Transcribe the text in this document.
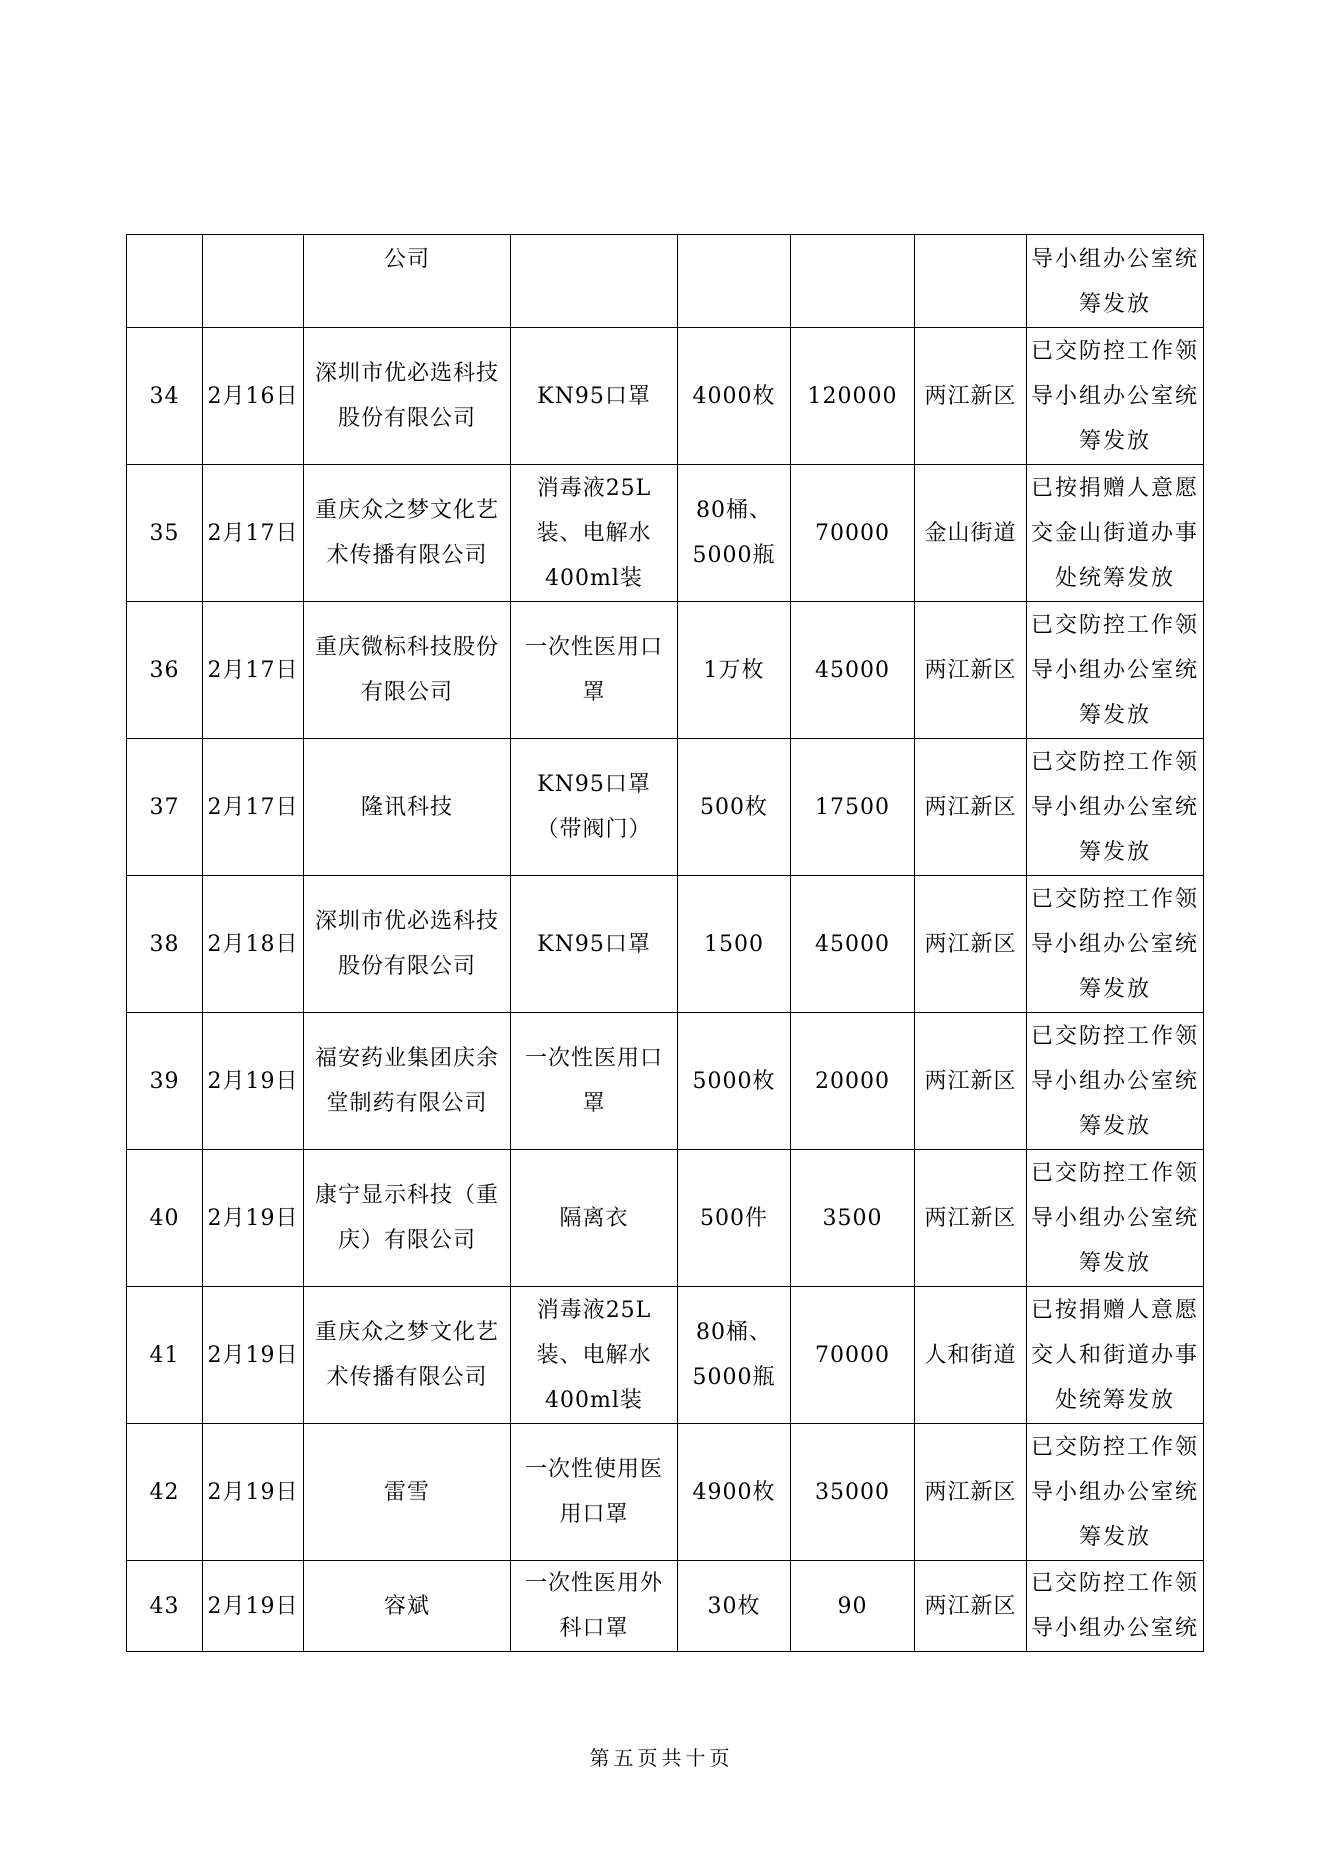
		公司					导小组办公室统筹发放

34	2月16日	深圳市优必选科技股份有限公司	KN95口罩	4000枚	120000	两江新区	已交防控工作领导小组办公室统筹发放
35	2月17日	重庆众之梦文化艺术传播有限公司	消毒液25L装、电解水400ml装	80桶、5000瓶	70000	金山街道	已按捐赠人意愿交金山街道办事处统筹发放
36	2月17日	重庆微标科技股份有限公司	一次性医用口罩	1万枚	45000	两江新区	已交防控工作领导小组办公室统筹发放
37	2月17日	隆讯科技	KN95口罩（带阀门）	500枚	17500	两江新区	已交防控工作领导小组办公室统筹发放
38	2月18日	深圳市优必选科技股份有限公司	KN95口罩	1500	45000	两江新区	已交防控工作领导小组办公室统筹发放
39	2月19日	福安药业集团庆余堂制药有限公司	一次性医用口罩	5000枚	20000	两江新区	已交防控工作领导小组办公室统筹发放
40	2月19日	康宁显示科技（重庆）有限公司	隔离衣	500件	3500	两江新区	已交防控工作领导小组办公室统筹发放
41	2月19日	重庆众之梦文化艺术传播有限公司	消毒液25L装、电解水400ml装	80桶、5000瓶	70000	人和街道	已按捐赠人意愿交人和街道办事处统筹发放
42	2月19日	雷雪	一次性使用医用口罩	4900枚	35000	两江新区	已交防控工作领导小组办公室统筹发放
43	2月19日	容斌	一次性医用外科口罩	30枚	90	两江新区	已交防控工作领导小组办公室统
第五页共十页
